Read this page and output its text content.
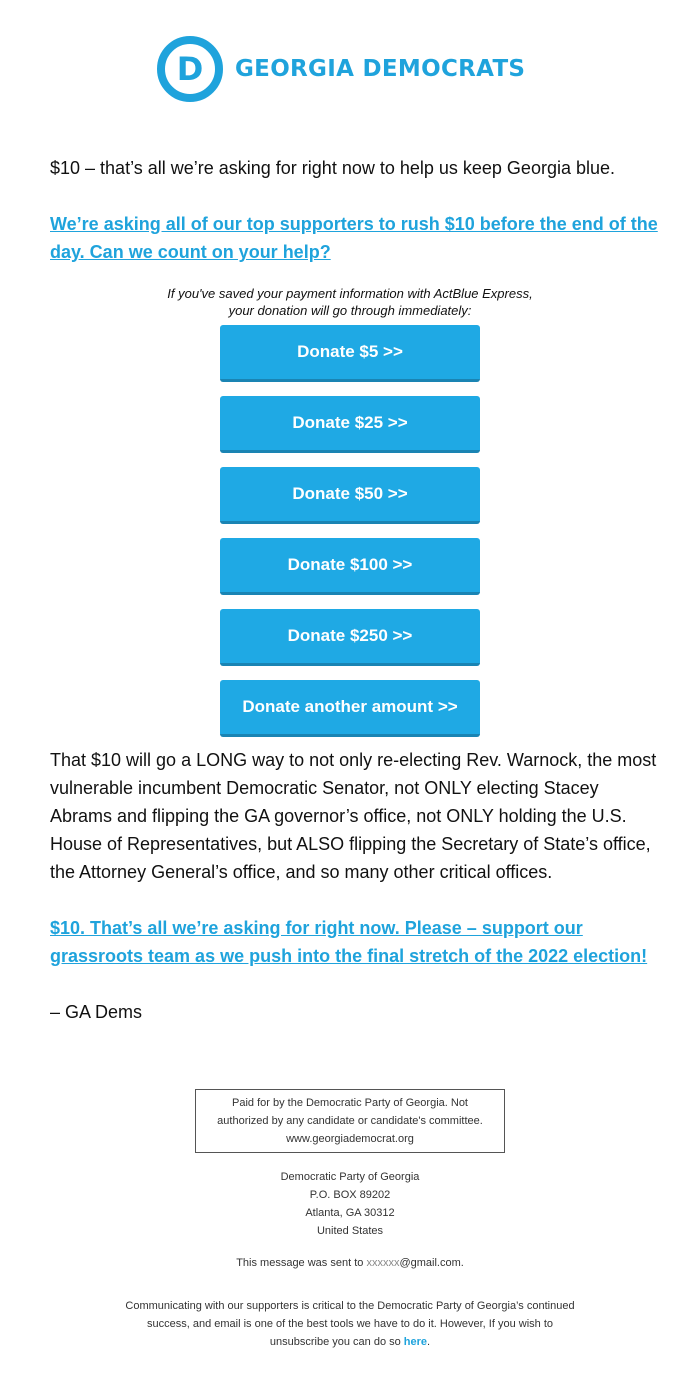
D GEORGIA DEMOCRATS

$10 – that’s all we’re asking for right now to help us keep Georgia blue.

We’re asking all of our top supporters to rush $10 before the end of the day. Can we count on your help?

If you've saved your payment information with ActBlue Express,
your donation will go through immediately:
Donate $5 >>
Donate $25 >>
Donate $50 >>
Donate $100 >>
Donate $250 >>
Donate another amount >>

That $10 will go a LONG way to not only re-electing Rev. Warnock, the most vulnerable incumbent Democratic Senator, not ONLY electing Stacey Abrams and flipping the GA governor’s office, not ONLY holding the U.S. House of Representatives, but ALSO flipping the Secretary of State’s office, the Attorney General’s office, and so many other critical offices.

$10. That’s all we’re asking for right now. Please – support our grassroots team as we push into the final stretch of the 2022 election!

– GA Dems

Paid for by the Democratic Party of Georgia. Not
authorized by any candidate or candidate's committee.
www.georgiademocrat.org
Democratic Party of Georgia
P.O. BOX 89202
Atlanta, GA 30312
United States
This message was sent to xxxxxx@gmail.com.
Communicating with our supporters is critical to the Democratic Party of Georgia’s continued
success, and email is one of the best tools we have to do it. However, If you wish to
unsubscribe you can do so here.
